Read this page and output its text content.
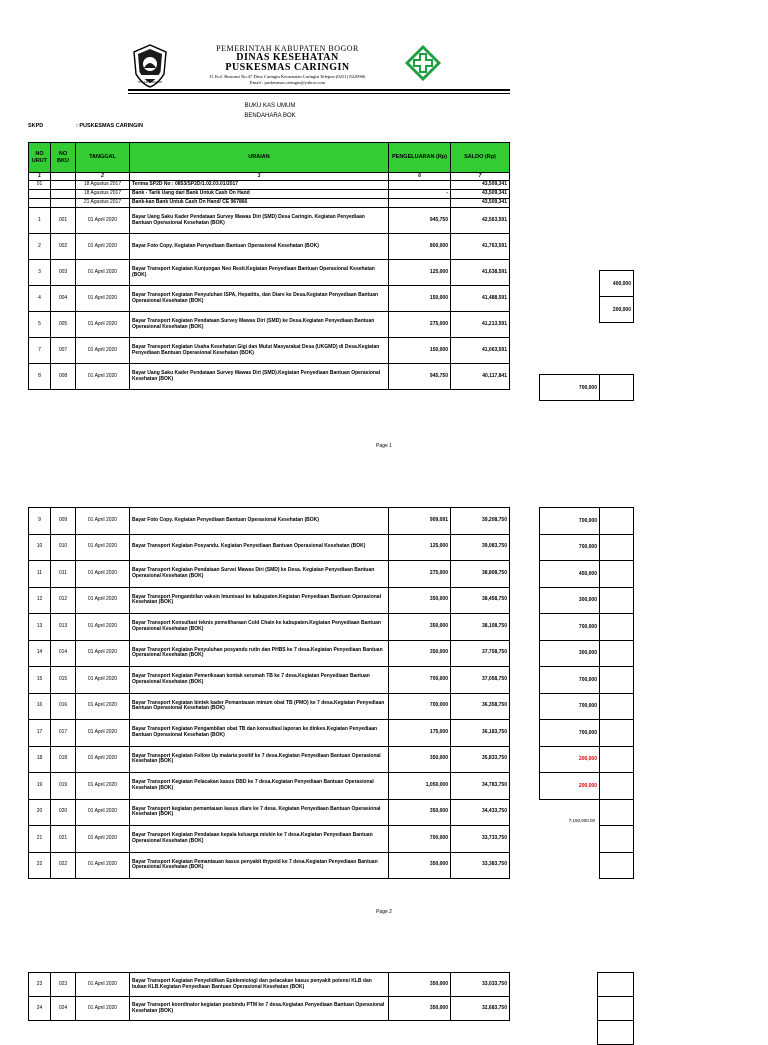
TEGAR BERIMAN
PEMERINTAH KABUPATEN BOGOR
DINAS KESEHATAN
PUSKESMAS CARINGIN
Jl. Kol. Bustomi No.47 Desa Caringin Kecamatan Caringin Telepon (0251) 8220966
Email : puskesmas.caringin@yahoo.com
BUKU KAS UMUM
BENDAHARA BOK
SKPD	: PUSKESMAS CARINGIN
NO URUT	NO BKU	TANGGAL	URAIAN	PENGELUARAN (Rp)	SALDO (Rp)
1		2	3	6	7
01		18 Agustus 2017	Terima SP2D No : 0853/SP2D/1.02.03.01/2017		43,509,341
		18 Agustus 2017	Bank - Tarik Uang dari Bank Untuk Cash On Hand	-	43,509,341
		21 Agustus 2017	Bank-kan Bank Untuk Cash On Hand/ CE 967866		43,509,341
1	001	01 April 2020	Bayar Uang Saku Kader Pendataan Survey Mawas Diri (SMD) Desa Caringin. Kegiatan Penyediaan Bantuan Operasional Kesehatan (BOK)	945,750	42,563,591
2	002	01 April 2020	Bayar Foto Copy. Kegiatan Penyediaan Bantuan Operasional Kesehatan (BOK)	800,000	41,763,591
3	003	01 April 2020	Bayar Transport Kegiatan Kunjungan Neo Resti.Kegiatan Penyediaan Bantuan Operasional Kesehatan (BOK)	125,000	41,638,591
4	004	01 April 2020	Bayar Transport Kegiatan Penyuluhan ISPA, Hepatitis, dan Diare ke Desa.Kegiatan Penyediaan Bantuan Operasional Kesehatan (BOK)	150,000	41,488,591
5	005	01 April 2020	Bayar Transport Kegiatan Pendataan Survey Mawas Diri (SMD) ke Desa.Kegiatan Penyediaan Bantuan Operasional Kesehatan (BOK)	275,000	41,213,591
7	007	01 April 2020	Bayar Transport Kegiatan Usaha Kesehatan Gigi dan Mulut Masyarakat Desa (UKGMD) di Desa.Kegiatan Penyediaan Bantuan Operasional Kesehatan (BOK)	150,000	41,063,591
8	008	01 April 2020	Bayar Uang Saku Kader Pendataan Survey Mawas Diri (SMD).Kegiatan Penyediaan Bantuan Operasional Kesehatan (BOK)	945,750	40,117,841
	400,000
	200,000

700,000	
Page 1
9	009	01 April 2020	Bayar Foto Copy. Kegiatan Penyediaan Bantuan Operasional Kesehatan (BOK)	909,091	39,208,750
10	010	01 April 2020	Bayar Transport Kegiatan Posyandu. Kegiatan Penyediaan Bantuan Operasional Kesehatan (BOK)	125,000	39,083,750
11	011	01 April 2020	Bayar Transport Kegiatan Pendataan Survei Mawas Diri (SMD) ke Desa. Kegiatan Penyediaan Bantuan Operasional Kesehatan (BOK)	275,000	38,808,750
12	012	01 April 2020	Bayar Transport Pengambilan vaksin Imunisasi ke kabupaten.Kegiatan Penyediaan Bantuan Operasional Kesehatan (BOK)	350,000	38,458,750
13	013	01 April 2020	Bayar Transport Konsultasi teknis pemeliharaan Cold Chain ke kabupaten.Kegiatan Penyediaan Bantuan Operasional Kesehatan (BOK)	350,000	38,108,750
14	014	01 April 2020	Bayar Transport Kegiatan Penyuluhan posyandu rutin dan PHBS ke 7 desa.Kegiatan Penyediaan Bantuan Operasional Kesehatan (BOK)	350,000	37,758,750
15	015	01 April 2020	Bayar Transport Kegiatan Pemeriksaan kontak serumah TB ke 7 desa.Kegiatan Penyediaan Bantuan Operasional Kesehatan (BOK)	700,000	37,058,750
16	016	01 April 2020	Bayar Transport Kegiatan bintek kader Pemantauan minum obat TB (PMO) ke 7 desa.Kegiatan Penyediaan Bantuan Operasional Kesehatan (BOK)	700,000	36,358,750
17	017	01 April 2020	Bayar Transport Kegiatan Pengambilan obat TB dan konsultasi laporan ke dinkes.Kegiatan Penyediaan Bantuan Operasional Kesehatan (BOK)	175,000	36,183,750
18	018	01 April 2020	Bayar Transport Kegiatan Follow Up malaria positif ke 7 desa.Kegiatan Penyediaan Bantuan Operasional Kesehatan (BOK)	350,000	35,833,750
19	019	01 April 2020	Bayar Transport Kegiatan Pelacakan kasus DBD ke 7 desa.Kegiatan Penyediaan Bantuan Operasional Kesehatan (BOK)	1,050,000	34,783,750
20	020	01 April 2020	Bayar Transport kegiatan pemantauan kasus diare ke 7 desa. Kegiatan Penyediaan Bantuan Operasional Kesehatan (BOK)	350,000	34,433,750
21	021	01 April 2020	Bayar Transport Kegiatan Pendataan kepala keluarga miskin ke 7 desa.Kegiatan Penyediaan Bantuan Operasional Kesehatan (BOK)	700,000	33,733,750
22	022	01 April 2020	Bayar Transport Kegiatan Pemantauan kasus penyakit thypoid ke 7 desa.Kegiatan Penyediaan Bantuan Operasional Kesehatan (BOK)	350,000	33,383,750
700,000	
700,000	
450,000	
300,000	
700,000	
300,000	
700,000	
700,000	
700,000	
200,000	
200,000	

7,150,000.00
Page 2
23	023	01 April 2020	Bayar Transport Kegiatan Penyelidikan Epidemiologi dan pelacakan kasus penyakit potensi KLB dan bukan KLB.Kegiatan Penyediaan Bantuan Operasional Kesehatan (BOK)	350,000	33,033,750
24	024	01 April 2020	Bayar Transport koordinator kegiatan posbindu PTM ke 7 desa.Kegiatan Penyediaan Bantuan Operasional Kesehatan (BOK)	350,000	32,683,750
